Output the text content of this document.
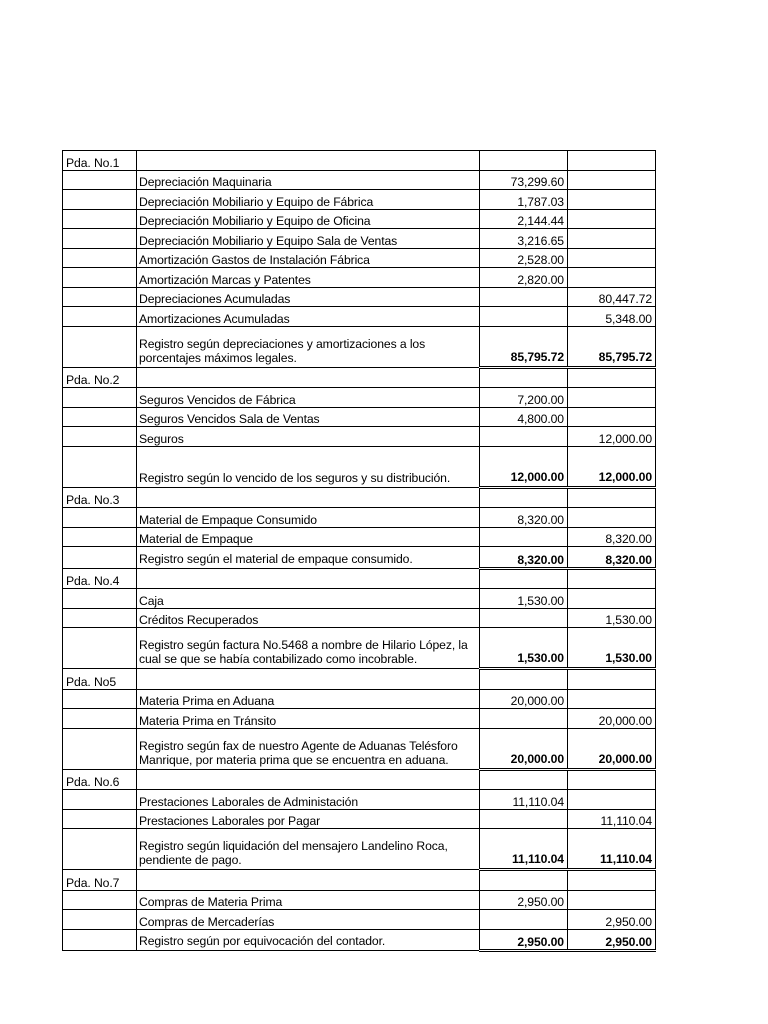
Pda. No.1			
	Depreciación Maquinaria	73,299.60	
	Depreciación Mobiliario y Equipo de Fábrica	1,787.03	
	Depreciación Mobiliario y Equipo de Oficina	2,144.44	
	Depreciación Mobiliario y Equipo Sala de Ventas	3,216.65	
	Amortización Gastos de Instalación Fábrica	2,528.00	
	Amortización Marcas y Patentes	2,820.00	
	Depreciaciones Acumuladas		80,447.72
	Amortizaciones Acumuladas		5,348.00
	Registro según depreciaciones y amortizaciones a los porcentajes máximos legales.	85,795.72	85,795.72
Pda. No.2			
	Seguros Vencidos de Fábrica	7,200.00	
	Seguros Vencidos Sala de Ventas	4,800.00	
	Seguros		12,000.00
	Registro según lo vencido de los seguros y su distribución.	12,000.00	12,000.00
Pda. No.3			
	Material de Empaque Consumido	8,320.00	
	Material de Empaque		8,320.00
	Registro según el material de empaque consumido.	8,320.00	8,320.00
Pda. No.4			
	Caja	1,530.00	
	Créditos Recuperados		1,530.00
	Registro según factura No.5468 a nombre de Hilario López, la cual se que se había contabilizado como incobrable.	1,530.00	1,530.00
Pda. No5			
	Materia Prima en Aduana	20,000.00	
	Materia Prima en Tránsito		20,000.00
	Registro según fax de nuestro Agente de Aduanas Telésforo Manrique, por materia prima que se encuentra en aduana.	20,000.00	20,000.00
Pda. No.6			
	Prestaciones Laborales de Administación	11,110.04	
	Prestaciones Laborales por Pagar		11,110.04
	Registro según liquidación del mensajero Landelino Roca, pendiente de pago.	11,110.04	11,110.04
Pda. No.7			
	Compras de Materia Prima	2,950.00	
	Compras de Mercaderías		2,950.00
	Registro según por equivocación del contador.	2,950.00	2,950.00
